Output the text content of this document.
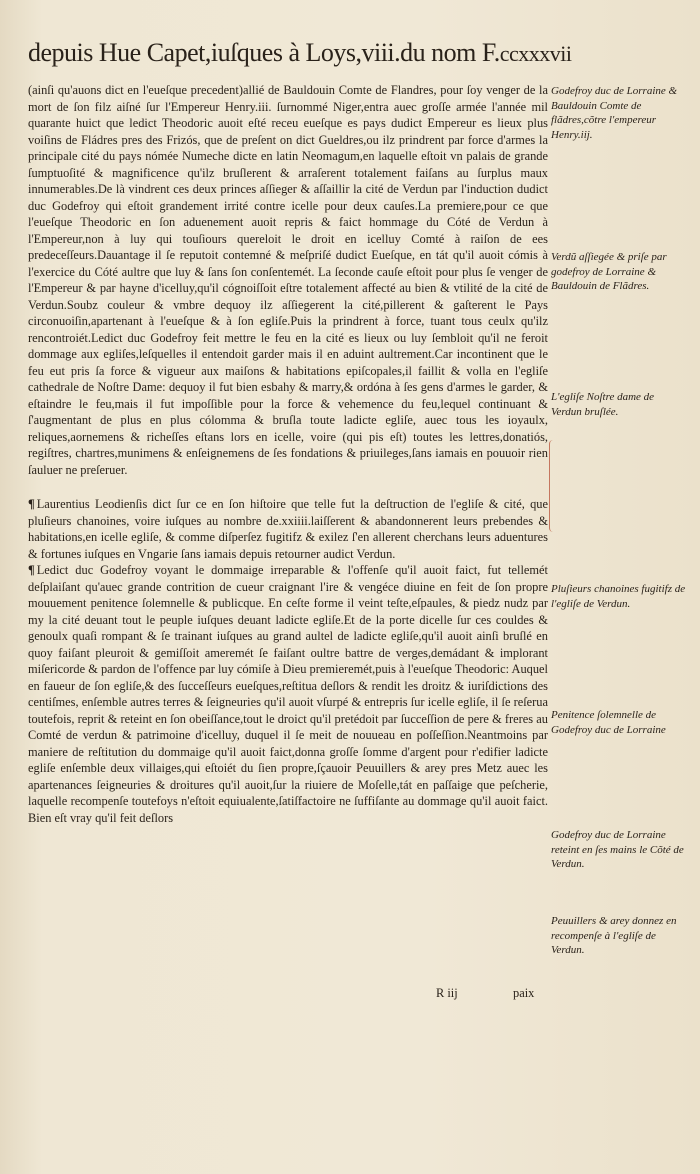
depuis Hue Capet,iuſques à Loys,viii.du nom F.ccxxxvii

(ainſi qu'auons dict en l'eueſque precedent)allié de Bauldouin Comte de Flandres, pour ſoy venger de la mort de ſon filz aiſné ſur l'Empereur Henry.iii. ſurnommé Niger,entra auec groſſe armée l'année mil quarante huict que ledict Theodoric auoit eſté receu eueſque es pays dudict Empereur es lieux plus voiſins de Fládres pres des Frizós, que de preſent on dict Gueldres,ou ilz prindrent par force d'armes la principale cité du pays nómée Numeche dicte en latin Neomagum,en laquelle eſtoit vn palais de grande ſumptuoſité & magnificence qu'ilz bruſlerent & arraſerent totalement faiſans au ſurplus maux innumerables.De là vindrent ces deux princes aſſieger & aſſaillir la cité de Verdun par l'induction dudict duc Godefroy qui eſtoit grandement irrité contre icelle pour deux cauſes.La premiere,pour ce que l'eueſque Theodoric en ſon aduenement auoit repris & faict hommage du Cóté de Verdun à l'Empereur,non à luy qui touſiours quereloit le droit en icelluy Comté à raiſon de ees predeceſſeurs.Dauantage il ſe reputoit contemné & meſpriſé dudict Eueſque, en tát qu'il auoit cómis à l'exercice du Cóté aultre que luy & ſans ſon conſentemét. La ſeconde cauſe eſtoit pour plus ſe venger de l'Empereur & par hayne d'icelluy,qu'il cógnoiſſoit eſtre totalement affecté au bien & vtilité de la cité de Verdun.Soubz couleur & vmbre dequoy ilz aſſiegerent la cité,pillerent & gaſterent le Pays circonuoiſin,apartenant à l'eueſque & à ſon egliſe.Puis la prindrent à force, tuant tous ceulx qu'ilz rencontroiét.Ledict duc Godefroy feit mettre le feu en la cité es lieux ou luy ſembloit qu'il ne feroit dommage aux egliſes,leſquelles il entendoit garder mais il en aduint aultrement.Car incontinent que le feu eut pris ſa force & vigueur aux maiſons & habitations epiſcopales,il faillit & volla en l'egliſe cathedrale de Noſtre Dame: dequoy il fut bien esbahy & marry,& ordóna à ſes gens d'armes le garder, & eſtaindre le feu,mais il fut impoſſible pour la force & vehemence du feu,lequel continuant & ſ'augmentant de plus en plus cólomma & bruſla toute ladicte egliſe, auec tous les ioyaulx, reliques,aornemens & richeſſes eſtans lors en icelle, voire (qui pis eſt) toutes les lettres,donatiós, regiſtres, chartres,munimens & enſeignemens de ſes fondations & priuileges,ſans iamais en pouuoir rien ſauluer ne preſeruer.

¶ Laurentius Leodienſis dict ſur ce en ſon hiſtoire que telle fut la deſtruction de l'egliſe & cité, que pluſieurs chanoines, voire iuſques au nombre de.xxiiii.laiſſerent & abandonnerent leurs prebendes & habitations,en icelle egliſe, & comme diſperſez fugitifz & exilez ſ'en allerent cherchans leurs aduentures & fortunes iuſques en Vngarie ſans iamais depuis retourner audict Verdun.

¶ Ledict duc Godefroy voyant le dommaige irreparable & l'offenſe qu'il auoit faict, fut tellemét deſplaiſant qu'auec grande contrition de cueur craignant l'ire & vengéce diuine en feit de ſon propre mouuement penitence ſolemnelle & publicque. En ceſte forme il veint teſte,eſpaules, & piedz nudz par my la cité deuant tout le peuple iuſques deuant ladicte egliſe.Et de la porte dicelle ſur ces couldes & genoulx quaſi rompant & ſe trainant iuſques au grand aultel de ladicte egliſe,qu'il auoit ainſi bruſlé en quoy faiſant pleuroit & gemiſſoit ameremét ſe faiſant oultre battre de verges,demádant & implorant miſericorde & pardon de l'offence par luy cómiſe à Dieu premieremét,puis à l'eueſque Theodoric: Auquel en faueur de ſon egliſe,& des ſucceſſeurs eueſques,reſtitua deſlors & rendit les droitz & iuriſdictions des centiſmes, enſemble autres terres & ſeigneuries qu'il auoit vſurpé & entrepris ſur icelle egliſe, il ſe reſerua toutefois, reprit & reteint en ſon obeiſſance,tout le droict qu'il pretédoit par ſucceſſion de pere & freres au Comté de verdun & patrimoine d'icelluy, duquel il ſe meit de nouueau en poſſeſſion.Neantmoins par maniere de reſtitution du dommaige qu'il auoit faict,donna groſſe ſomme d'argent pour r'edifier ladicte egliſe enſemble deux villaiges,qui eſtoiét du ſien propre,ſçauoir Peuuillers & arey pres Metz auec les apartenances ſeigneuries & droitures qu'il auoit,ſur la riuiere de Moſelle,tát en paſſaige que peſcherie, laquelle recompenſe toutefoys n'eſtoit equiualente,ſatiſfactoire ne ſuffiſante au dommage qu'il auoit faict. Bien eſt vray qu'il feit deſlors

Godefroy duc de Lorraine & Bauldouin Comte de flãdres,cõtre l'empereur Henry.iij.
Verdũ aſſiegée & priſe par godefroy de Lorraine & Bauldouin de Flãdres.
L'egliſe Noſtre dame de Verdun bruſlée.
Pluſieurs chanoines fugitifz de l'egliſe de Verdun.
Penitence ſolemnelle de Godefroy duc de Lorraine
Godefroy duc de Lorraine reteint en ſes mains le Cõté de Verdun.
Peuuillers & arey donnez en recompenſe à l'egliſe de Verdun.
R iij	paix
